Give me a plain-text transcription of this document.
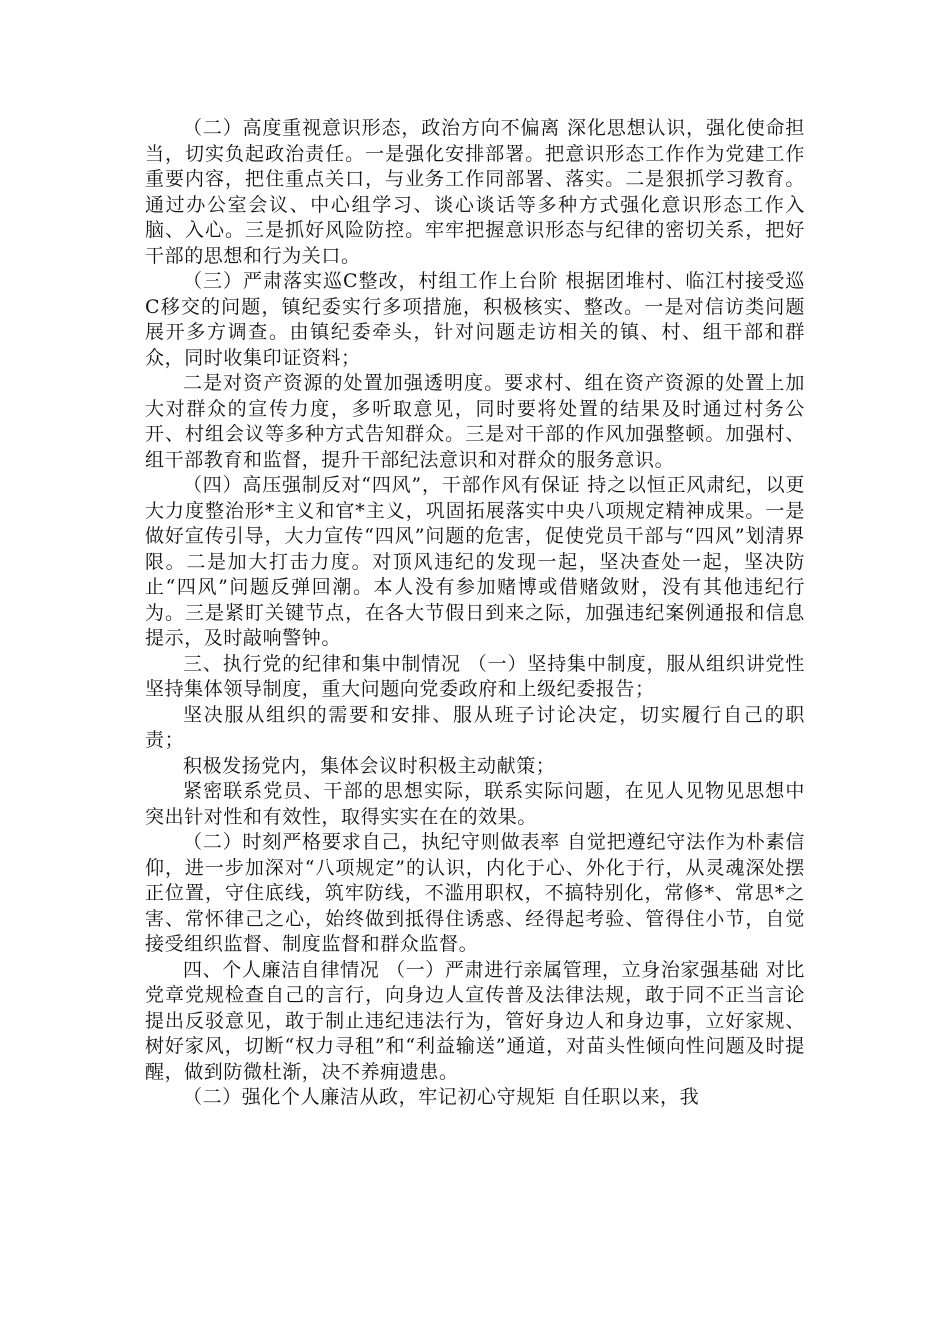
（二）高度重视意识形态，政治方向不偏离 深化思想认识，强化使命担当，切实负起政治责任。一是强化安排部署。把意识形态工作作为党建工作重要内容，把住重点关口，与业务工作同部署、落实。二是狠抓学习教育。通过办公室会议、中心组学习、谈心谈话等多种方式强化意识形态工作入脑、入心。三是抓好风险防控。牢牢把握意识形态与纪律的密切关系，把好干部的思想和行为关口。

（三）严肃落实巡C整改，村组工作上台阶 根据团堆村、临江村接受巡C移交的问题，镇纪委实行多项措施，积极核实、整改。一是对信访类问题展开多方调查。由镇纪委牵头，针对问题走访相关的镇、村、组干部和群众，同时收集印证资料；

二是对资产资源的处置加强透明度。要求村、组在资产资源的处置上加大对群众的宣传力度，多听取意见，同时要将处置的结果及时通过村务公开、村组会议等多种方式告知群众。三是对干部的作风加强整顿。加强村、组干部教育和监督，提升干部纪法意识和对群众的服务意识。

（四）高压强制反对“四风”，干部作风有保证 持之以恒正风肃纪，以更大力度整治形*主义和官*主义，巩固拓展落实中央八项规定精神成果。一是做好宣传引导，大力宣传“四风”问题的危害，促使党员干部与“四风”划清界限。二是加大打击力度。对顶风违纪的发现一起，坚决查处一起，坚决防止“四风”问题反弹回潮。本人没有参加赌博或借赌敛财，没有其他违纪行为。三是紧盯关键节点，在各大节假日到来之际，加强违纪案例通报和信息提示，及时敲响警钟。

三、执行党的纪律和集中制情况 （一）坚持集中制度，服从组织讲党性 坚持集体领导制度，重大问题向党委政府和上级纪委报告；

坚决服从组织的需要和安排、服从班子讨论决定，切实履行自己的职责；

积极发扬党内，集体会议时积极主动献策；

紧密联系党员、干部的思想实际，联系实际问题，在见人见物见思想中突出针对性和有效性，取得实实在在的效果。

（二）时刻严格要求自己，执纪守则做表率 自觉把遵纪守法作为朴素信仰，进一步加深对“八项规定”的认识，内化于心、外化于行，从灵魂深处摆正位置，守住底线，筑牢防线，不滥用职权，不搞特别化，常修*、常思*之害、常怀律己之心，始终做到抵得住诱惑、经得起考验、管得住小节，自觉接受组织监督、制度监督和群众监督。

四、个人廉洁自律情况 （一）严肃进行亲属管理，立身治家强基础 对比党章党规检查自己的言行，向身边人宣传普及法律法规，敢于同不正当言论提出反驳意见，敢于制止违纪违法行为，管好身边人和身边事，立好家规、树好家风，切断“权力寻租”和“利益输送”通道，对苗头性倾向性问题及时提醒，做到防微杜渐，决不养痈遗患。

（二）强化个人廉洁从政，牢记初心守规矩 自任职以来，我
